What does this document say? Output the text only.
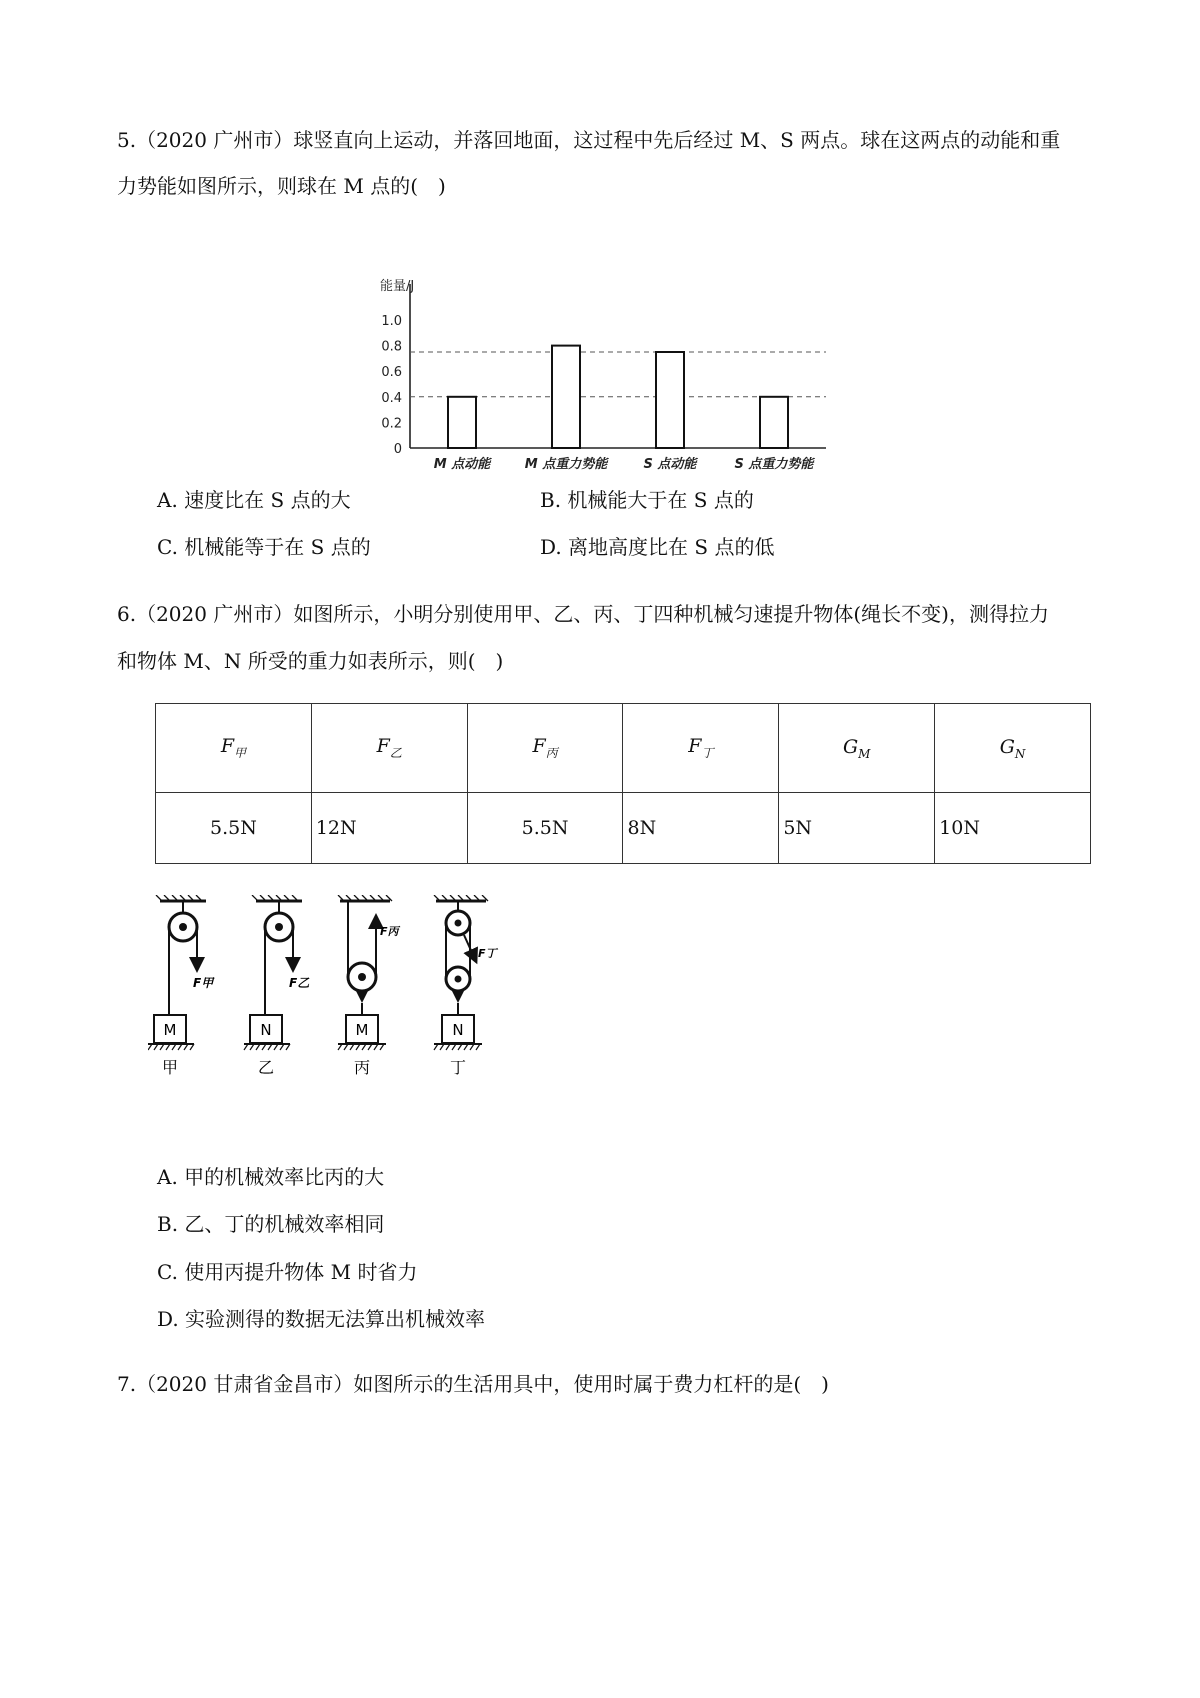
5.（2020 广州市）球竖直向上运动，并落回地面，这过程中先后经过 M、S 两点。球在这两点的动能和重
力势能如图所示，则球在 M 点的(　)
能量/J
0
0.2
0.4
0.6
0.8
1.0
M 点动能	M 点重力势能	S 点动能	S 点重力势能
A. 速度比在 S 点的大	B. 机械能大于在 S 点的
C. 机械能等于在 S 点的	D. 离地高度比在 S 点的低
6.（2020 广州市）如图所示，小明分别使用甲、乙、丙、丁四种机械匀速提升物体(绳长不变)，测得拉力
和物体 M、N 所受的重力如表所示，则(　)
$F_甲$	$F_乙$	$F_丙$	$F_丁$	$G_M$	$G_N$
5.5N	12N	5.5N	8N	5N	10N
F甲
M
甲
F乙
N
乙
F丙
M
丙
F丁
N
丁
A. 甲的机械效率比丙的大
B. 乙、丁的机械效率相同
C. 使用丙提升物体 M 时省力
D. 实验测得的数据无法算出机械效率
7.（2020 甘肃省金昌市）如图所示的生活用具中，使用时属于费力杠杆的是(　)
